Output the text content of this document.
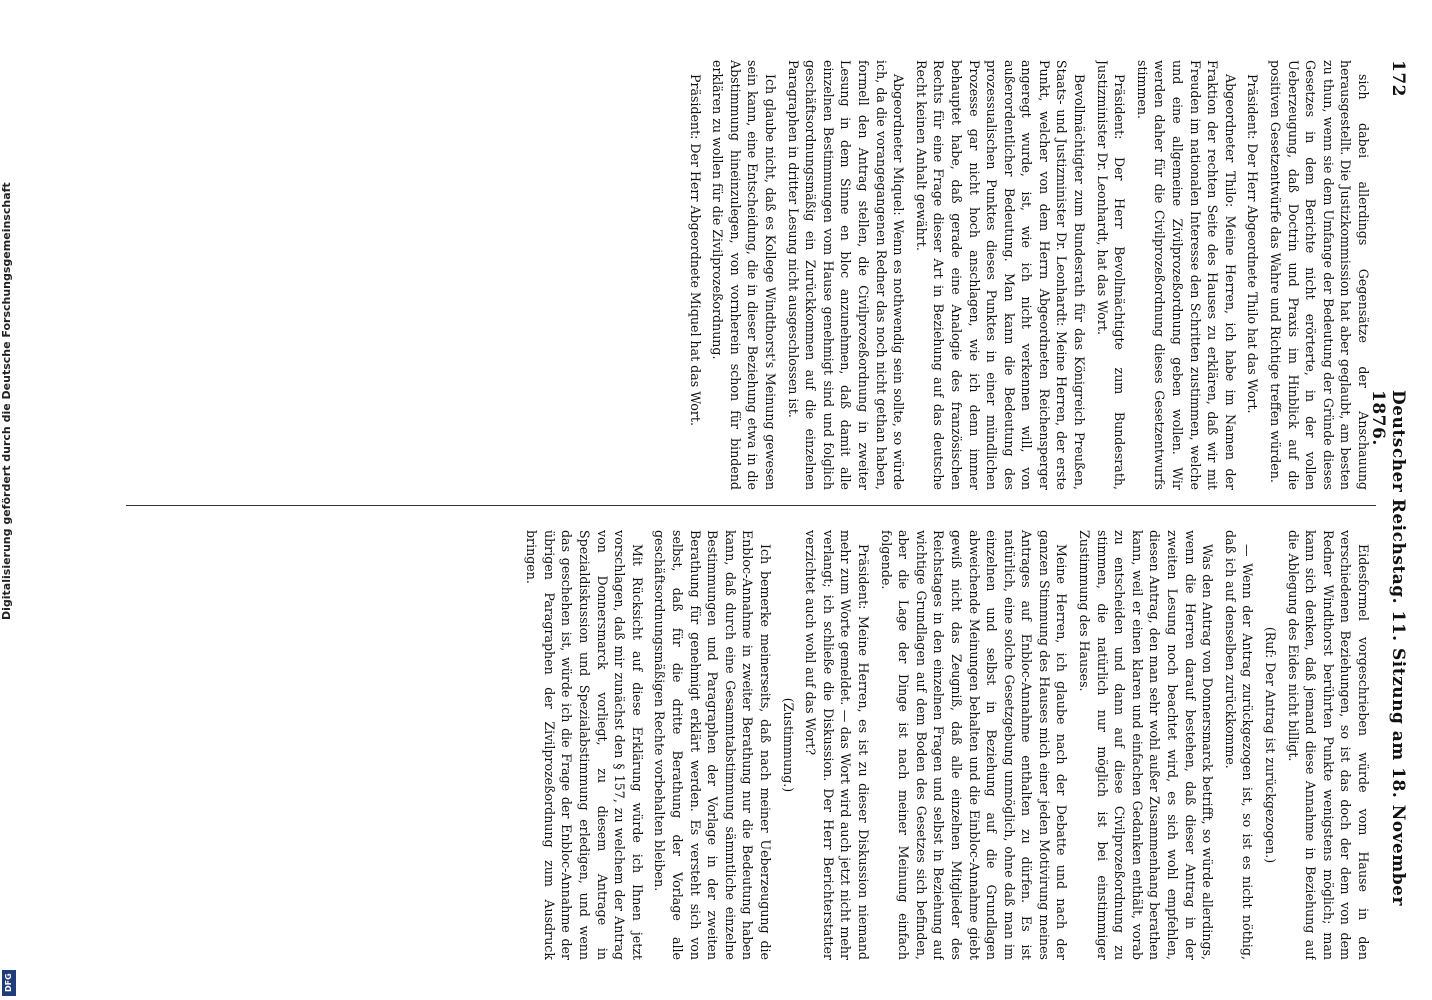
172
Deutscher Reichstag. 11. Sitzung am 18. November 1876.

sich dabei allerdings Gegensätze der Anschauung herausgestellt. Die Justizkommission hat aber geglaubt, am besten zu thun, wenn sie dem Umfange der Bedeutung der Gründe dieses Gesetzes in dem Berichte nicht erörterte, in der vollen Ueberzeugung, daß Doctrin und Praxis im Hinblick auf die positiven Gesetzentwürfe das Wahre und Richtige treffen würden.

Präsident: Der Herr Abgeordnete Thilo hat das Wort.

Abgeordneter Thilo: Meine Herren, ich habe im Namen der Fraktion der rechten Seite des Hauses zu erklären, daß wir mit Freuden im nationalen Interesse den Schritten zustimmen, welche und eine allgemeine Zivilprozeßordnung geben wollen. Wir werden daher für die Civilprozeßordnung dieses Gesetzentwurfs stimmen.

Präsident: Der Herr Bevollmächtigte zum Bundesrath, Justizminister Dr. Leonhardt, hat das Wort.

Bevollmächtigter zum Bundesrath für das Königreich Preußen, Staats- und Justizminister Dr. Leonhardt: Meine Herren, der erste Punkt, welcher von dem Herrn Abgeordneten Reichensperger angeregt wurde, ist, wie ich nicht verkennen will, von außerordentlicher Bedeutung. Man kann die Bedeutung des prozessualischen Punktes dieses Punktes in einer mündlichen Prozesse gar nicht hoch anschlagen, wie ich denn immer behauptet habe, daß gerade eine Analogie des französischen Rechts für eine Frage dieser Art in Beziehung auf das deutsche Recht keinen Anhalt gewährt.

Abgeordneter Miquel: Wenn es nothwendig sein sollte, so würde ich, da die vorangegangenen Redner das noch nicht gethan haben, formell den Antrag stellen, die Civilprozeßordnung in zweiter Lesung in dem Sinne en bloc anzunehmen, daß damit alle einzelnen Bestimmungen vom Hause genehmigt sind und folglich geschäftsordnungsmäßig ein Zurückkommen auf die einzelnen Paragraphen in dritter Lesung nicht ausgeschlossen ist.

Ich glaube nicht, daß es Kollege Windthorst's Meinung gewesen sein kann, eine Entscheidung, die in dieser Beziehung etwa in die Abstimmung hineinzulegen, von vornherein schon für bindend erklären zu wollen für die Zivilprozeßordnung.

Präsident: Der Herr Abgeordnete Miquel hat das Wort.

Eidesformel vorgeschrieben würde vom Hause in den verschiedenen Beziehungen, so ist das doch der dem von dem Redner Windthorst berührten Punkte wenigstens möglich; man kann sich denken, daß jemand diese Annahme in Beziehung auf die Ablegung des Eides nicht billigt.

(Ruf: Der Antrag ist zurückgezogen.)

— Wenn der Antrag zurückgezogen ist, so ist es nicht nöthig, daß ich auf denselben zurückkomme.

Was den Antrag von Donnersmarck betrifft, so würde allerdings, wenn die Herren darauf bestehen, daß dieser Antrag in der zweiten Lesung noch beachtet wird, es sich wohl empfehlen, diesen Antrag, den man sehr wohl außer Zusammenhang berathen kann, weil er einen klaren und einfachen Gedanken enthält, vorab zu entscheiden und dann auf diese Civilprozeßordnung zu stimmen, die natürlich nur möglich ist bei einstimmiger Zustimmung des Hauses.

Meine Herren, ich glaube nach der Debatte und nach der ganzen Stimmung des Hauses mich einer jeden Motivirung meines Antrages auf Enbloc-Annahme enthalten zu dürfen. Es ist natürlich, eine solche Gesetzgebung unmöglich, ohne daß man im einzelnen und selbst in Beziehung auf die Grundlagen abweichende Meinungen behalten und die Einbloc-Annahme giebt gewiß nicht das Zeugniß, daß alle einzelnen Mitglieder des Reichstages in den einzelnen Fragen und selbst in Beziehung auf wichtige Grundlagen auf dem Boden des Gesetzes sich befinden, aber die Lage der Dinge ist nach meiner Meinung einfach folgende.

Präsident: Meine Herren, es ist zu dieser Diskussion niemand mehr zum Worte gemeldet. — das Wort wird auch jetzt nicht mehr verlangt; ich schließe die Diskussion. Der Herr Berichterstatter verzichtet auch wohl auf das Wort?

(Zustimmung.)

Ich bemerke meinerseits, daß nach meiner Ueberzeugung die Enbloc-Annahme in zweiter Berathung nur die Bedeutung haben kann, daß durch eine Gesammtabstimmung sämmtliche einzelne Bestimmungen und Paragraphen der Vorlage in der zweiten Berathung für genehmigt erklärt werden. Es versteht sich von selbst, daß für die dritte Berathung der Vorlage alle geschäftsordnungsmäßigen Rechte vorbehalten bleiben.

Mit Rücksicht auf diese Erklärung würde ich Ihnen jetzt vorschlagen, daß mir zunächst den § 157, zu welchem der Antrag von Donnersmarck vorliegt, zu diesem Antrage in Spezialdiskussion und Spezialabstimmung erledigen, und wenn das geschehen ist, würde ich die Frage der Enbloc-Annahme der übrigen Paragraphen der Zivilprozeßordnung zum Ausdruck bringen.

Digitalisierung gefördert durch die Deutsche Forschungsgemeinschaft
DFG
